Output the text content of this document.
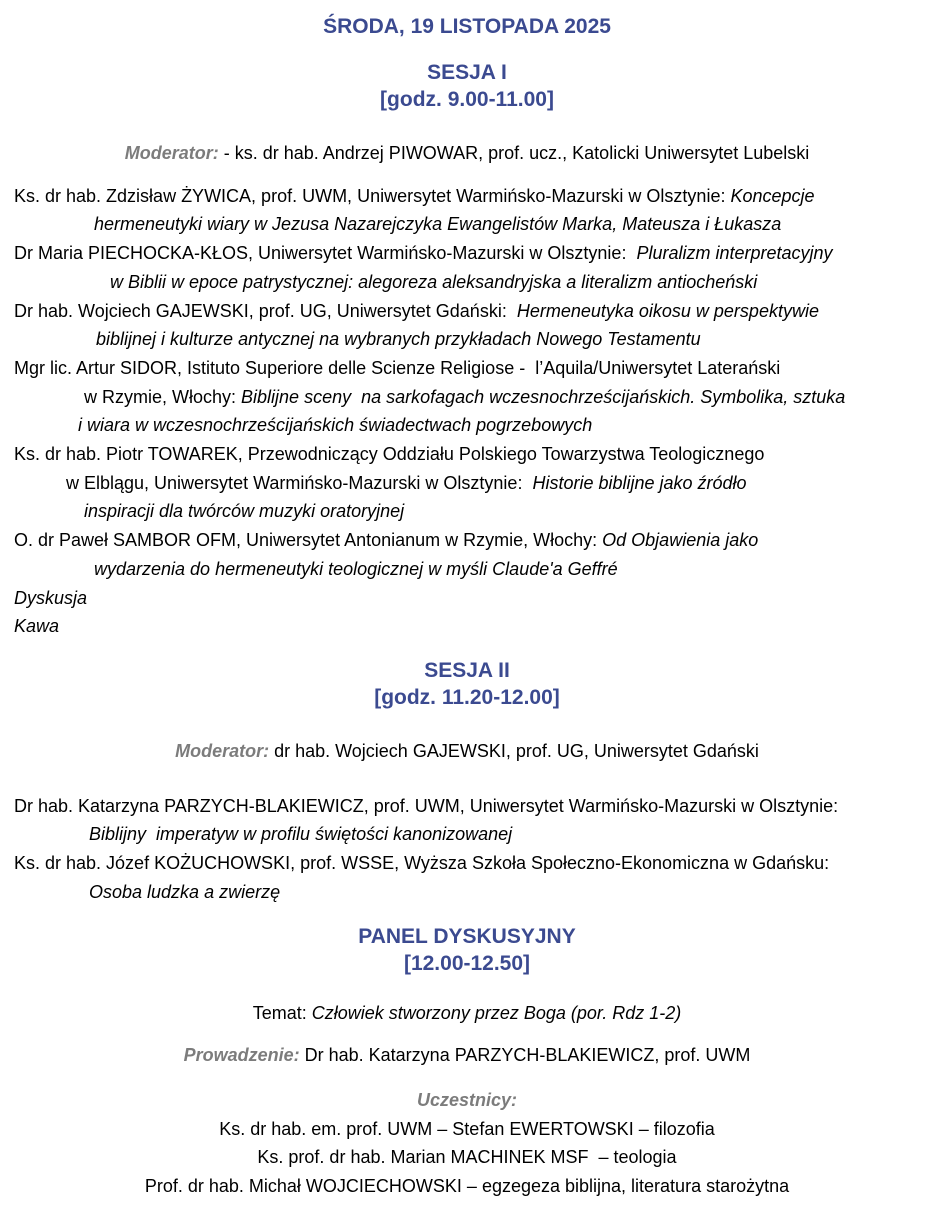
ŚRODA, 19 LISTOPADA 2025
SESJA I
[godz. 9.00-11.00]
Moderator: - ks. dr hab. Andrzej PIWOWAR, prof. ucz., Katolicki Uniwersytet Lubelski
Ks. dr hab. Zdzisław ŻYWICA, prof. UWM, Uniwersytet Warmińsko-Mazurski w Olsztynie: Koncepcje
hermeneutyki wiary w Jezusa Nazarejczyka Ewangelistów Marka, Mateusza i Łukasza
Dr Maria PIECHOCKA-KŁOS, Uniwersytet Warmińsko-Mazurski w Olsztynie:  Pluralizm interpretacyjny
w Biblii w epoce patrystycznej: alegoreza aleksandryjska a literalizm antiocheński
Dr hab. Wojciech GAJEWSKI, prof. UG, Uniwersytet Gdański:  Hermeneutyka oikosu w perspektywie
biblijnej i kulturze antycznej na wybranych przykładach Nowego Testamentu
Mgr lic. Artur SIDOR, Istituto Superiore delle Scienze Religiose -  l’Aquila/Uniwersytet Laterański
w Rzymie, Włochy: Biblijne sceny  na sarkofagach wczesnochrześcijańskich. Symbolika, sztuka
i wiara w wczesnochrześcijańskich świadectwach pogrzebowych
Ks. dr hab. Piotr TOWAREK, Przewodniczący Oddziału Polskiego Towarzystwa Teologicznego
w Elblągu, Uniwersytet Warmińsko-Mazurski w Olsztynie:  Historie biblijne jako źródło
inspiracji dla twórców muzyki oratoryjnej
O. dr Paweł SAMBOR OFM, Uniwersytet Antonianum w Rzymie, Włochy: Od Objawienia jako
wydarzenia do hermeneutyki teologicznej w myśli Claude'a Geffré
Dyskusja
Kawa
SESJA II
[godz. 11.20-12.00]
Moderator: dr hab. Wojciech GAJEWSKI, prof. UG, Uniwersytet Gdański
Dr hab. Katarzyna PARZYCH-BLAKIEWICZ, prof. UWM, Uniwersytet Warmińsko-Mazurski w Olsztynie:
Biblijny  imperatyw w profilu świętości kanonizowanej
Ks. dr hab. Józef KOŻUCHOWSKI, prof. WSSE, Wyższa Szkoła Społeczno-Ekonomiczna w Gdańsku:
Osoba ludzka a zwierzę
PANEL DYSKUSYJNY
[12.00-12.50]
Temat: Człowiek stworzony przez Boga (por. Rdz 1-2)
Prowadzenie: Dr hab. Katarzyna PARZYCH-BLAKIEWICZ, prof. UWM
Uczestnicy:
Ks. dr hab. em. prof. UWM – Stefan EWERTOWSKI – filozofia
Ks. prof. dr hab. Marian MACHINEK MSF  – teologia
Prof. dr hab. Michał WOJCIECHOWSKI – egzegeza biblijna, literatura starożytna
